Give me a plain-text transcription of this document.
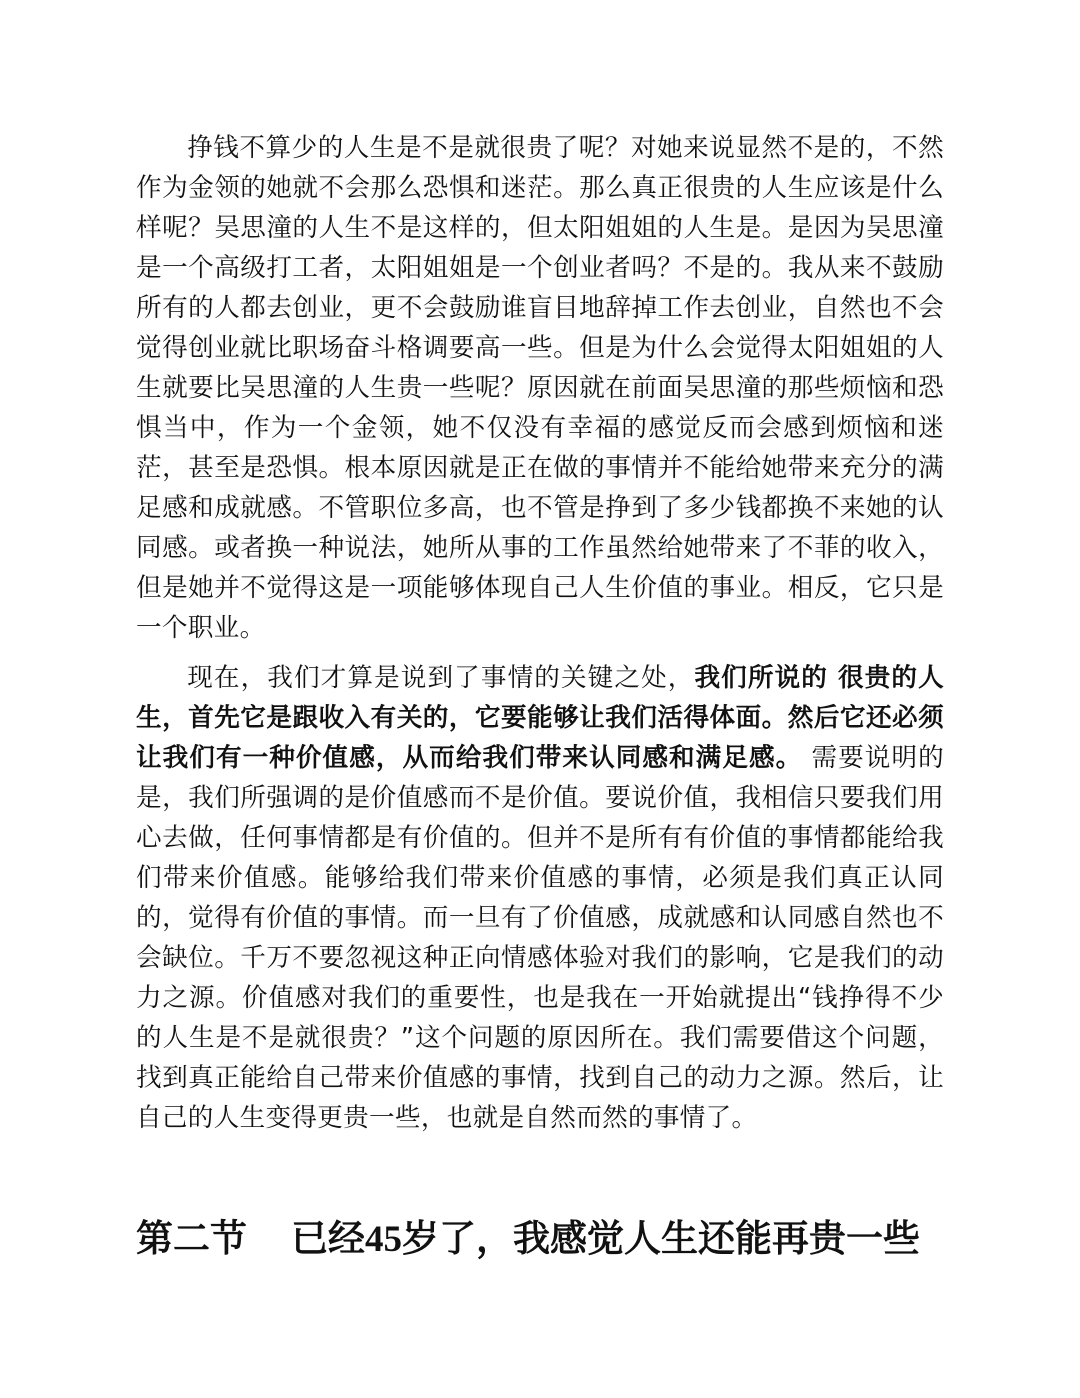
挣钱不算少的人生是不是就很贵了呢？对她来说显然不是的，不然作为金领的她就不会那么恐惧和迷茫。那么真正很贵的人生应该是什么样呢？吴思潼的人生不是这样的，但太阳姐姐的人生是。是因为吴思潼是一个高级打工者，太阳姐姐是一个创业者吗？不是的。我从来不鼓励所有的人都去创业，更不会鼓励谁盲目地辞掉工作去创业，自然也不会觉得创业就比职场奋斗格调要高一些。但是为什么会觉得太阳姐姐的人生就要比吴思潼的人生贵一些呢？原因就在前面吴思潼的那些烦恼和恐惧当中，作为一个金领，她不仅没有幸福的感觉反而会感到烦恼和迷茫，甚至是恐惧。根本原因就是正在做的事情并不能给她带来充分的满足感和成就感。不管职位多高，也不管是挣到了多少钱都换不来她的认同感。或者换一种说法，她所从事的工作虽然给她带来了不菲的收入，但是她并不觉得这是一项能够体现自己人生价值的事业。相反，它只是一个职业。

现在，我们才算是说到了事情的关键之处，我们所说的 很贵的人生，首先它是跟收入有关的，它要能够让我们活得体面。然后它还必须让我们有一种价值感，从而给我们带来认同感和满足感。 需要说明的是，我们所强调的是价值感而不是价值。要说价值，我相信只要我们用心去做，任何事情都是有价值的。但并不是所有有价值的事情都能给我们带来价值感。能够给我们带来价值感的事情，必须是我们真正认同的，觉得有价值的事情。而一旦有了价值感，成就感和认同感自然也不会缺位。千万不要忽视这种正向情感体验对我们的影响，它是我们的动力之源。价值感对我们的重要性，也是我在一开始就提出“钱挣得不少的人生是不是就很贵？”这个问题的原因所在。我们需要借这个问题，找到真正能给自己带来价值感的事情，找到自己的动力之源。然后，让自己的人生变得更贵一些，也就是自然而然的事情了。

第二节 已经45岁了，我感觉人生还能再贵一些
